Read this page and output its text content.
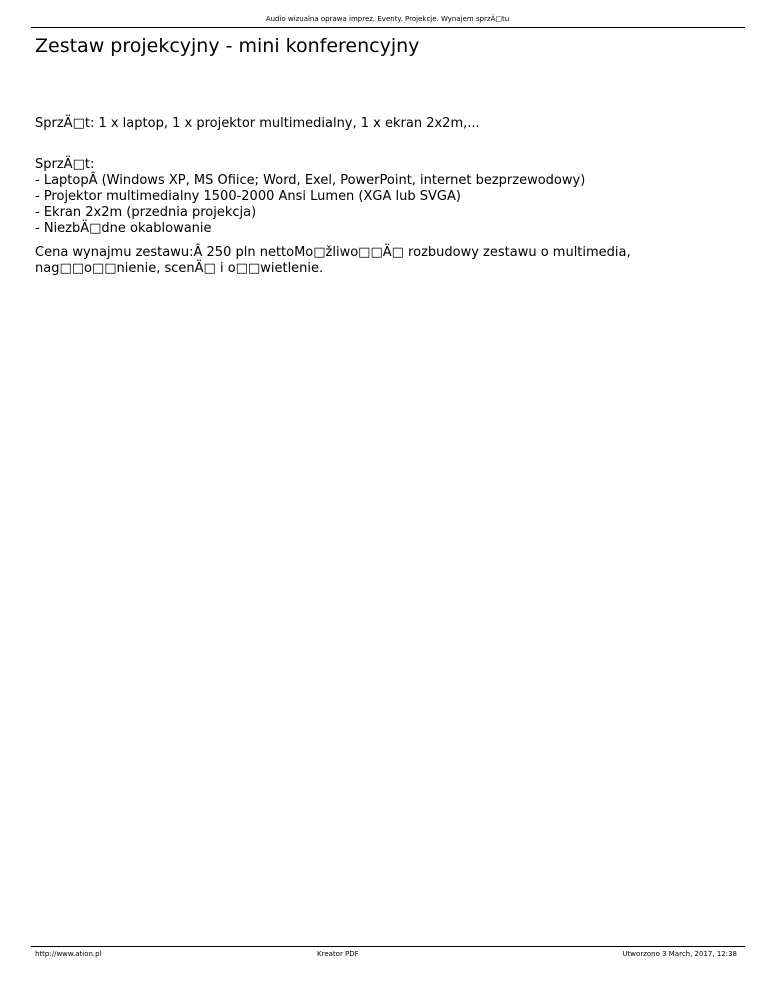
Audio wizualna oprawa imprez. Eventy. Projekcje. Wynajem sprzÄ□tu
Zestaw projekcyjny - mini konferencyjny

SprzÄ□t: 1 x laptop, 1 x projektor multimedialny, 1 x ekran 2x2m,...

SprzÄ□t:

- LaptopÂ (Windows XP, MS Ofiice; Word, Exel, PowerPoint, internet bezprzewodowy)
- Projektor multimedialny 1500-2000 Ansi Lumen (XGA lub SVGA)
- Ekran 2x2m (przednia projekcja)
- NiezbÄ□dne okablowanie

Cena wynajmu zestawu:Â 250 pln nettoMo□žliwo□□Ä□ rozbudowy zestawu o multimedia, nag□□o□□nienie, scenÄ□ i o□□wietlenie.

http://www.ation.pl	Kreator PDF	Utworzono 3 March, 2017, 12:38
